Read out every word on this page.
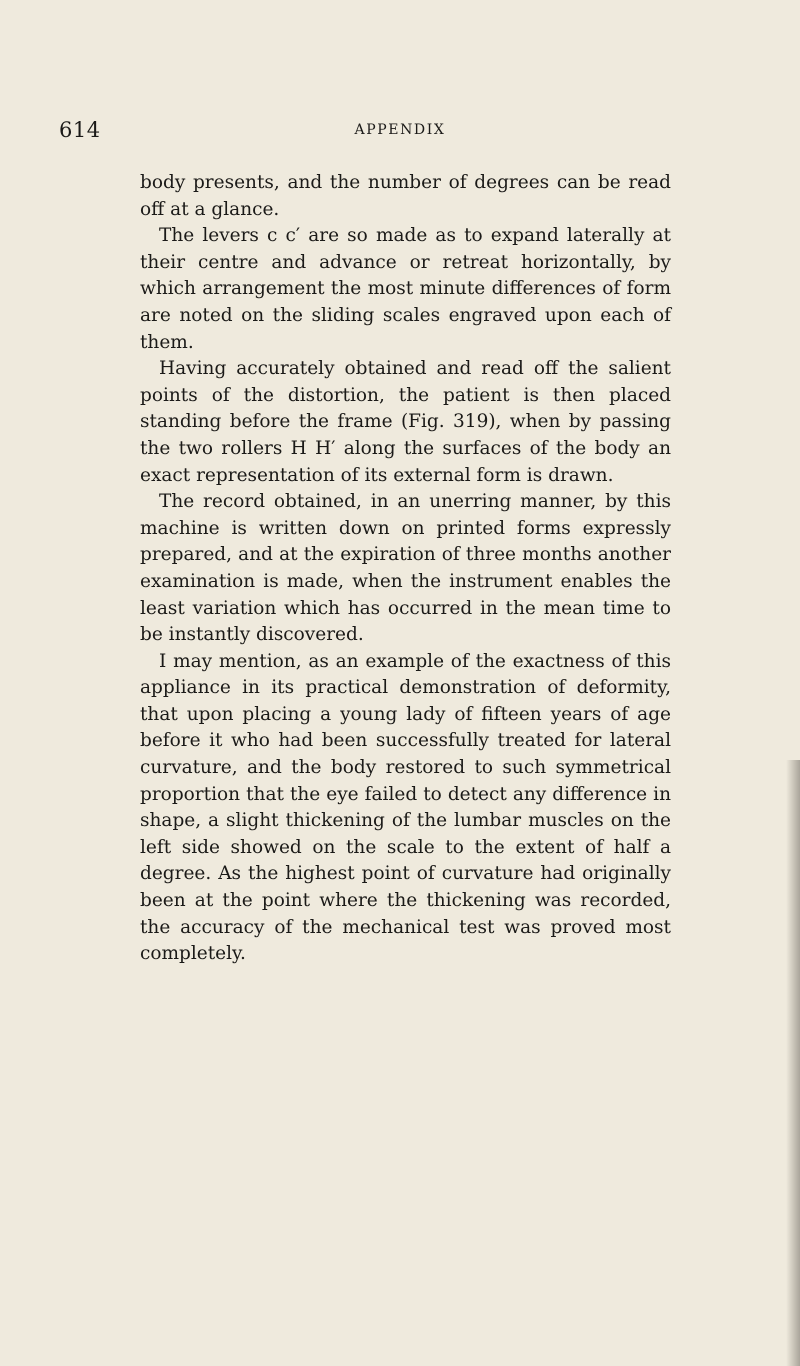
614	APPENDIX

body presents, and the number of degrees can be read off at a glance.

The levers c c′ are so made as to expand laterally at their centre and advance or retreat horizontally, by which arrangement the most minute differences of form are noted on the sliding scales engraved upon each of them.

Having accurately obtained and read off the salient points of the distortion, the patient is then placed standing before the frame (Fig. 319), when by passing the two rollers H H′ along the surfaces of the body an exact representation of its external form is drawn.

The record obtained, in an unerring manner, by this machine is written down on printed forms expressly prepared, and at the expiration of three months another examination is made, when the instrument enables the least variation which has occurred in the mean time to be instantly discovered.

I may mention, as an example of the exactness of this appliance in its practical demonstration of deformity, that upon placing a young lady of fifteen years of age before it who had been successfully treated for lateral curvature, and the body restored to such symmetrical proportion that the eye failed to detect any difference in shape, a slight thickening of the lumbar muscles on the left side showed on the scale to the extent of half a degree. As the highest point of curvature had originally been at the point where the thickening was recorded, the accuracy of the mechanical test was proved most completely.
